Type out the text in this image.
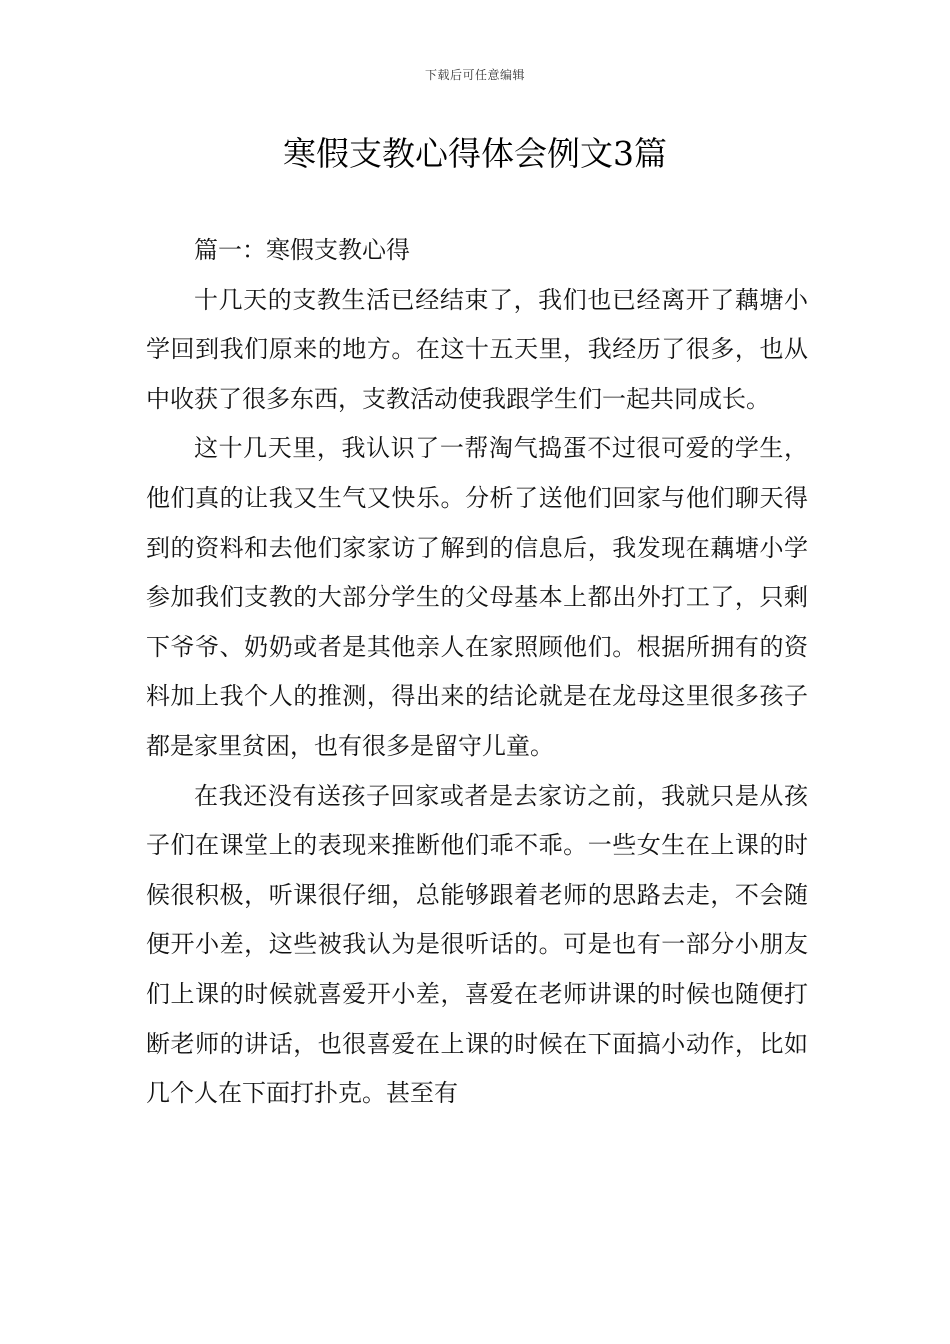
下载后可任意编辑
寒假支教心得体会例文3篇

篇一：寒假支教心得

十几天的支教生活已经结束了，我们也已经离开了藕塘小学回到我们原来的地方。在这十五天里，我经历了很多，也从中收获了很多东西，支教活动使我跟学生们一起共同成长。

这十几天里，我认识了一帮淘气捣蛋不过很可爱的学生，他们真的让我又生气又快乐。分析了送他们回家与他们聊天得到的资料和去他们家家访了解到的信息后，我发现在藕塘小学参加我们支教的大部分学生的父母基本上都出外打工了，只剩下爷爷、奶奶或者是其他亲人在家照顾他们。根据所拥有的资料加上我个人的推测，得出来的结论就是在龙母这里很多孩子都是家里贫困，也有很多是留守儿童。

在我还没有送孩子回家或者是去家访之前，我就只是从孩子们在课堂上的表现来推断他们乖不乖。一些女生在上课的时候很积极，听课很仔细，总能够跟着老师的思路去走，不会随便开小差，这些被我认为是很听话的。可是也有一部分小朋友们上课的时候就喜爱开小差，喜爱在老师讲课的时候也随便打断老师的讲话，也很喜爱在上课的时候在下面搞小动作，比如几个人在下面打扑克。甚至有
